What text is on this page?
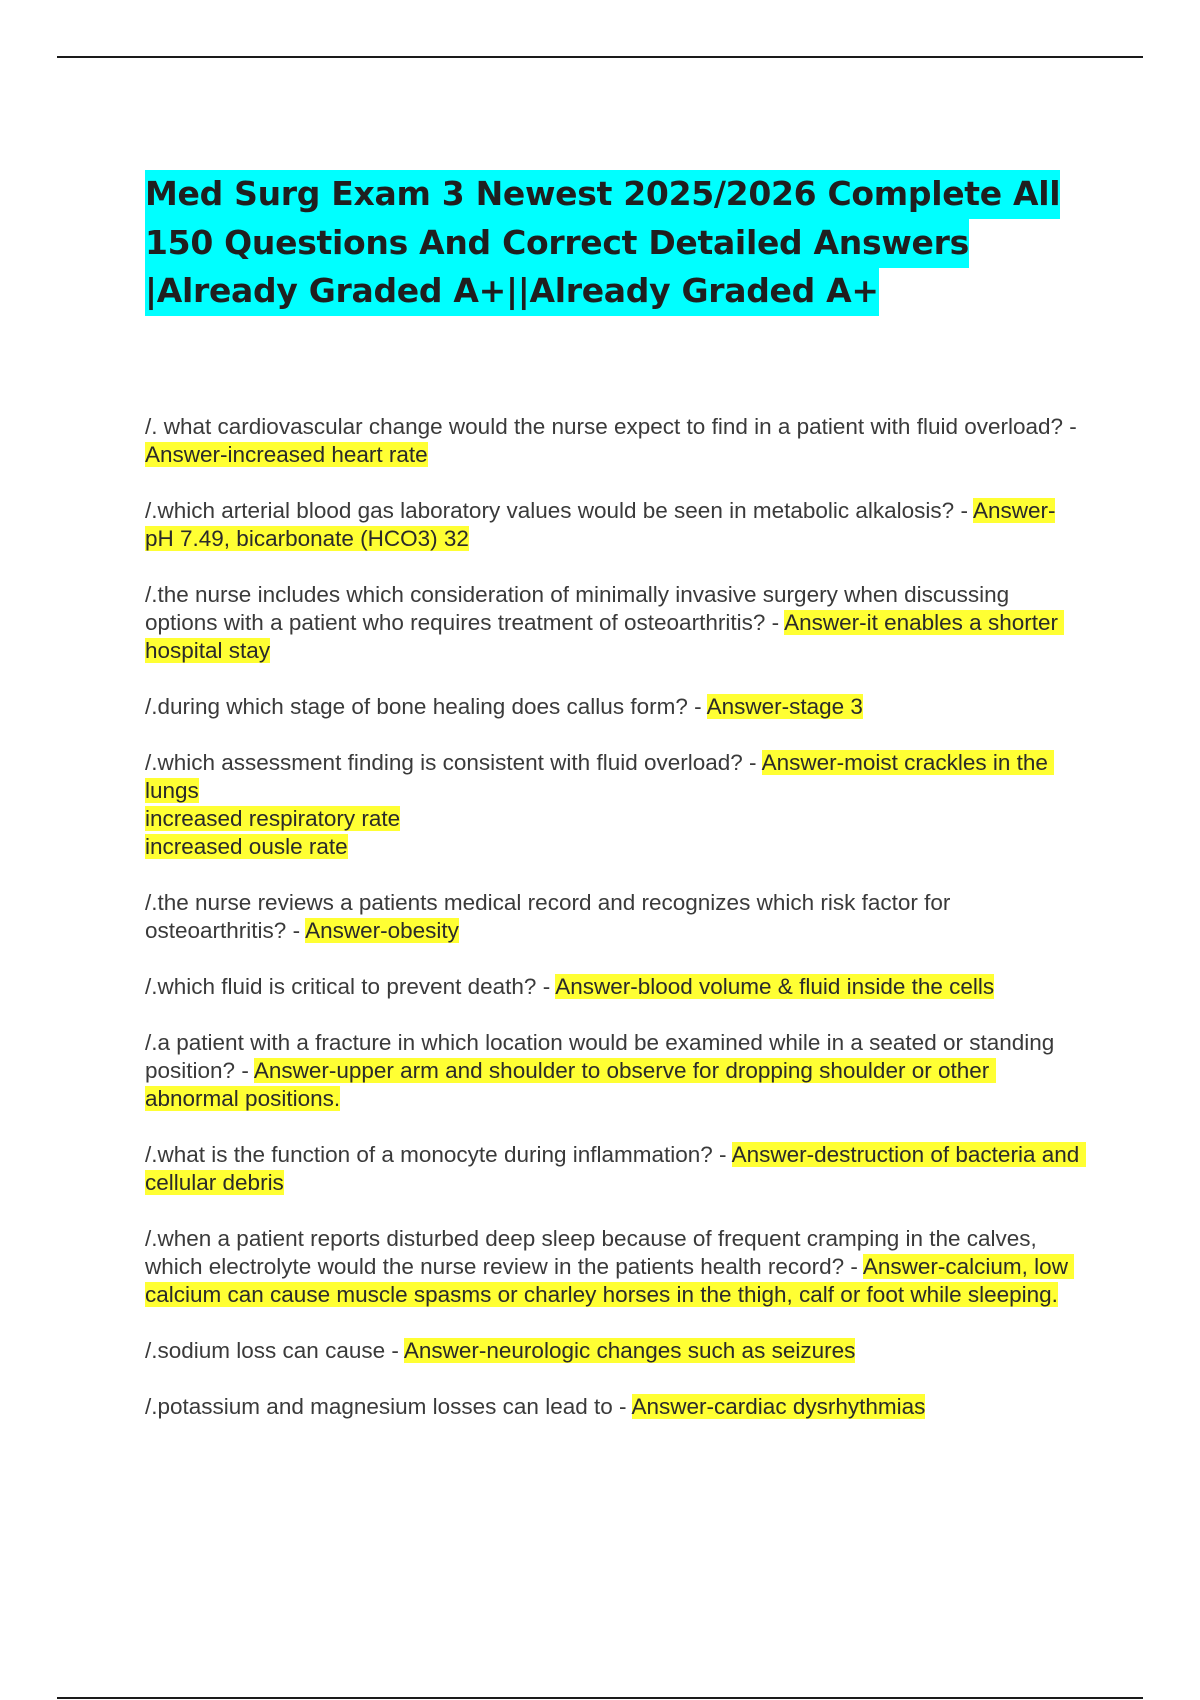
Med Surg Exam 3 Newest 2025/2026 Complete All 150 Questions And Correct Detailed Answers |Already Graded A+||Already Graded A+

/. what cardiovascular change would the nurse expect to find in a patient with fluid overload? - Answer-increased heart rate

/.which arterial blood gas laboratory values would be seen in metabolic alkalosis? - Answer-pH 7.49, bicarbonate (HCO3) 32

/.the nurse includes which consideration of minimally invasive surgery when discussing options with a patient who requires treatment of osteoarthritis? - Answer-it enables a shorter hospital stay

/.during which stage of bone healing does callus form? - Answer-stage 3

/.which assessment finding is consistent with fluid overload? - Answer-moist crackles in the lungs
increased respiratory rate
increased ousle rate

/.the nurse reviews a patients medical record and recognizes which risk factor for osteoarthritis? - Answer-obesity

/.which fluid is critical to prevent death? - Answer-blood volume & fluid inside the cells

/.a patient with a fracture in which location would be examined while in a seated or standing position? - Answer-upper arm and shoulder to observe for dropping shoulder or other abnormal positions.

/.what is the function of a monocyte during inflammation? - Answer-destruction of bacteria and cellular debris

/.when a patient reports disturbed deep sleep because of frequent cramping in the calves, which electrolyte would the nurse review in the patients health record? - Answer-calcium, low calcium can cause muscle spasms or charley horses in the thigh, calf or foot while sleeping.

/.sodium loss can cause - Answer-neurologic changes such as seizures

/.potassium and magnesium losses can lead to - Answer-cardiac dysrhythmias
